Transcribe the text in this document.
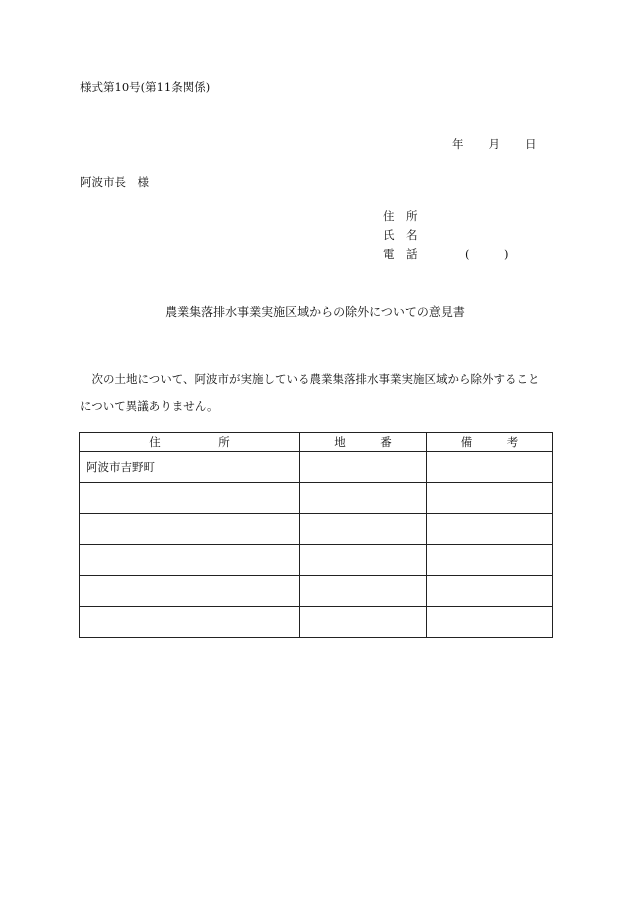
様式第10号(第11条関係)
年 月 日
阿波市長　様
住　所
氏　名
電　話	(　　　)
農業集落排水事業実施区域からの除外についての意見書

　次の土地について、阿波市が実施している農業集落排水事業実施区域から除外すること

について異議ありません。

住　　　　　所	地　　　番	備　　　考
阿波市吉野町		
